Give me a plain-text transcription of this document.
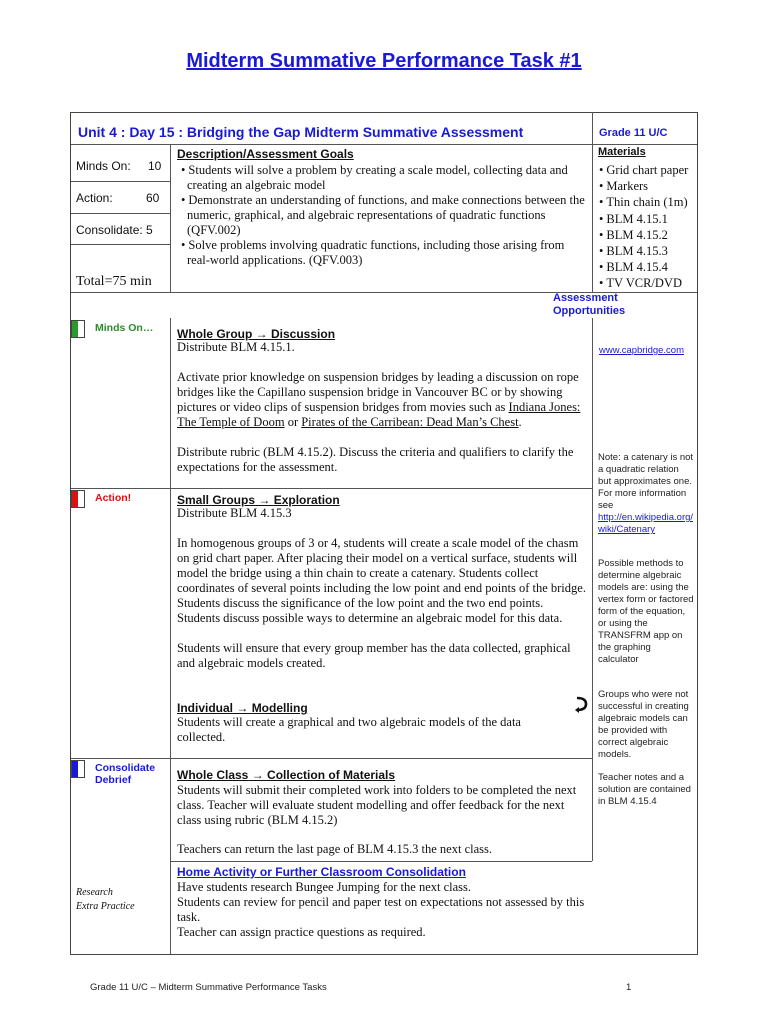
Midterm Summative Performance Task #1
Unit 4 : Day 15 : Bridging the Gap Midterm Summative Assessment	Grade 11 U/C
Minds On: 10
Action:	60
Consolidate: 5
Total=75 min
Description/Assessment Goals
• Students will solve a problem by creating a scale model, collecting data and creating an algebraic model
• Demonstrate an understanding of functions, and make connections between the numeric, graphical, and algebraic representations of quadratic functions (QFV.002)
• Solve problems involving quadratic functions, including those arising from real-world applications. (QFV.003)
Materials
• Grid chart paper
• Markers
• Thin chain (1m)
• BLM 4.15.1
• BLM 4.15.2
• BLM 4.15.3
• BLM 4.15.4
• TV VCR/DVD
Assessment Opportunities
Minds On… Whole Group → Discussion
Distribute BLM 4.15.1.
Activate prior knowledge on suspension bridges by leading a discussion on rope bridges like the Capillano suspension bridge in Vancouver BC or by showing pictures or video clips of suspension bridges from movies such as Indiana Jones: The Temple of Doom or Pirates of the Carribean: Dead Man’s Chest.
Distribute rubric (BLM 4.15.2). Discuss the criteria and qualifiers to clarify the expectations for the assessment.
Action!	Small Groups → Exploration
Distribute BLM 4.15.3
In homogenous groups of 3 or 4, students will create a scale model of the chasm on grid chart paper. After placing their model on a vertical surface, students will model the bridge using a thin chain to create a catenary. Students collect coordinates of several points including the low point and end points of the bridge. Students discuss the significance of the low point and the two end points. Students discuss possible ways to determine an algebraic model for this data.
Students will ensure that every group member has the data collected, graphical and algebraic models created.
Individual → Modelling
Students will create a graphical and two algebraic models of the data collected.
Consolidate
Debrief	Whole Class → Collection of Materials
Students will submit their completed work into folders to be completed the next class. Teacher will evaluate student modelling and offer feedback for the next class using rubric (BLM 4.15.2)
Teachers can return the last page of BLM 4.15.3 the next class.
Home Activity or Further Classroom Consolidation
Have students research Bungee Jumping for the next class.
Students can review for pencil and paper test on expectations not assessed by this task.
Teacher can assign practice questions as required.
Research
Extra Practice
www.capbridge.com
Note: a catenary is not a quadratic relation but approximates one. For more information see
http://en.wikipedia.org/wiki/Catenary
Possible methods to determine algebraic models are: using the vertex form or factored form of the equation, or using the TRANSFRM app on the graphing calculator
Groups who were not successful in creating algebraic models can be provided with correct algebraic models.
Teacher notes and a solution are contained in BLM 4.15.4
Grade 11 U/C – Midterm Summative Performance Tasks	1
